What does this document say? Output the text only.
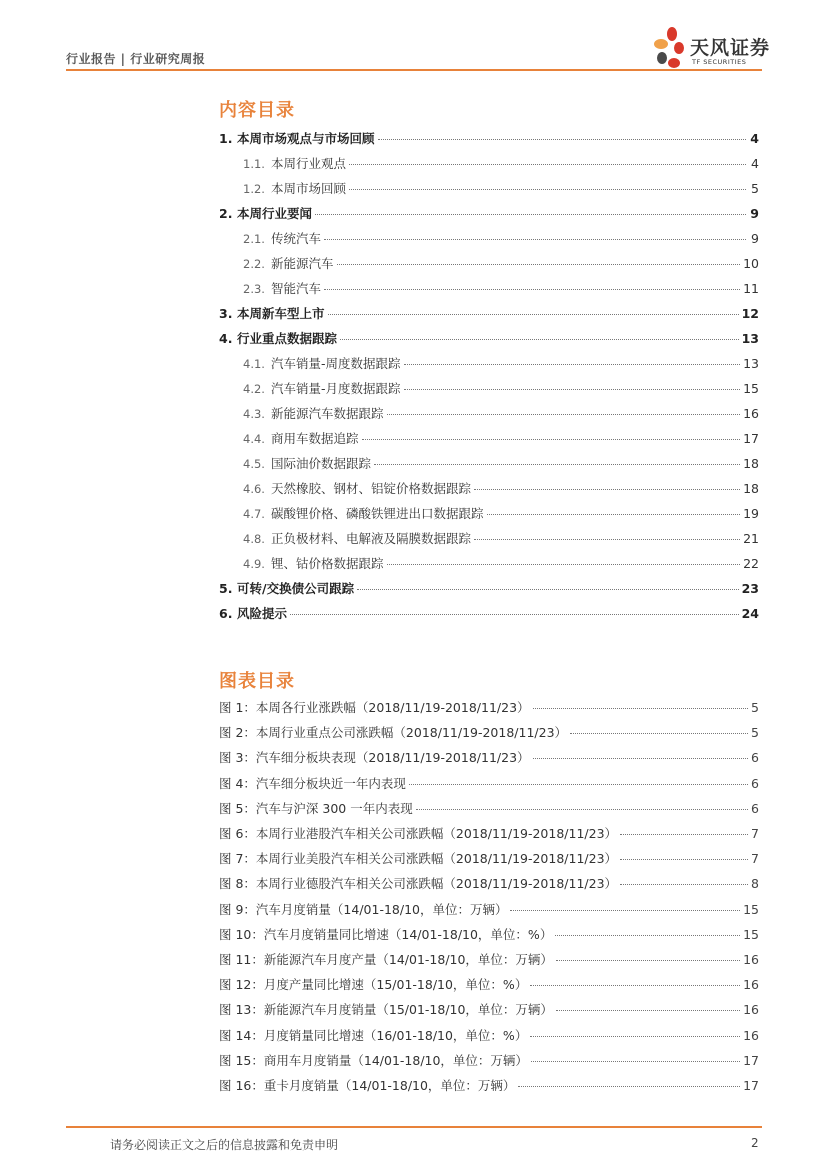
行业报告 | 行业研究周报	天风证券
TF SECURITIES
内容目录
1. 本周市场观点与市场回顾	4
1.1. 本周行业观点	4
1.2. 本周市场回顾	5
2. 本周行业要闻	9
2.1. 传统汽车	9
2.2. 新能源汽车	10
2.3. 智能汽车	11
3. 本周新车型上市	12
4. 行业重点数据跟踪	13
4.1. 汽车销量-周度数据跟踪	13
4.2. 汽车销量-月度数据跟踪	15
4.3. 新能源汽车数据跟踪	16
4.4. 商用车数据追踪	17
4.5. 国际油价数据跟踪	18
4.6. 天然橡胶、钢材、铝锭价格数据跟踪	18
4.7. 碳酸锂价格、磷酸铁锂进出口数据跟踪	19
4.8. 正负极材料、电解液及隔膜数据跟踪	21
4.9. 锂、钴价格数据跟踪	22
5. 可转/交换债公司跟踪	23
6. 风险提示	24
图表目录
图 1：本周各行业涨跌幅（2018/11/19-2018/11/23）	5
图 2：本周行业重点公司涨跌幅（2018/11/19-2018/11/23）	5
图 3：汽车细分板块表现（2018/11/19-2018/11/23）	6
图 4：汽车细分板块近一年内表现	6
图 5：汽车与沪深 300 一年内表现	6
图 6：本周行业港股汽车相关公司涨跌幅（2018/11/19-2018/11/23）	7
图 7：本周行业美股汽车相关公司涨跌幅（2018/11/19-2018/11/23）	7
图 8：本周行业德股汽车相关公司涨跌幅（2018/11/19-2018/11/23）	8
图 9：汽车月度销量（14/01-18/10，单位：万辆）	15
图 10：汽车月度销量同比增速（14/01-18/10，单位：%）	15
图 11：新能源汽车月度产量（14/01-18/10，单位：万辆）	16
图 12：月度产量同比增速（15/01-18/10，单位：%）	16
图 13：新能源汽车月度销量（15/01-18/10，单位：万辆）	16
图 14：月度销量同比增速（16/01-18/10，单位：%）	16
图 15：商用车月度销量（14/01-18/10，单位：万辆）	17
图 16：重卡月度销量（14/01-18/10，单位：万辆）	17
请务必阅读正文之后的信息披露和免责申明	2
